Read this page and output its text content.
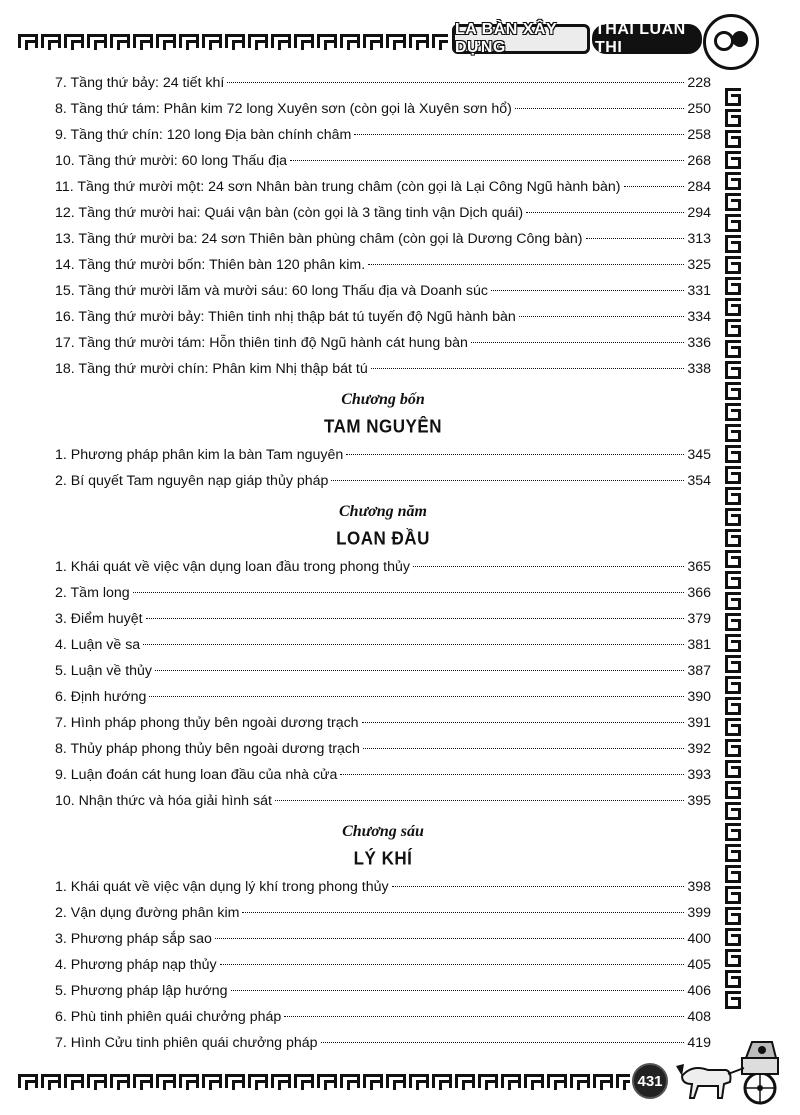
LA BÀN XÂY DỰNG
THÁI LUÂN THI
7. Tầng thứ bảy: 24 tiết khí	228
8. Tầng thứ tám: Phân kim 72 long Xuyên sơn (còn gọi là Xuyên sơn hổ)	250
9. Tầng thứ chín: 120 long Địa bàn chính châm	258
10. Tầng thứ mười: 60 long Thấu địa	268
11. Tầng thứ mười một: 24 sơn Nhân bàn trung châm (còn gọi là Lại Công Ngũ hành bàn)	284
12. Tầng thứ mười hai: Quái vận bàn (còn gọi là 3 tầng tinh vận Dịch quái)	294
13. Tầng thứ mười ba: 24 sơn Thiên bàn phùng châm (còn gọi là Dương Công bàn)	313
14. Tầng thứ mười bốn: Thiên bàn 120 phân kim.	325
15. Tầng thứ mười lăm và mười sáu: 60 long Thấu địa và Doanh súc	331
16. Tầng thứ mười bảy: Thiên tinh nhị thập bát tú tuyến độ Ngũ hành bàn	334
17. Tầng thứ mười tám: Hỗn thiên tinh độ Ngũ hành cát hung bàn	336
18. Tầng thứ mười chín: Phân kim Nhị thập bát tú	338
Chương bốn
TAM NGUYÊN
1. Phương pháp phân kim la bàn Tam nguyên	345
2. Bí quyết Tam nguyên nạp giáp thủy pháp	354
Chương năm
LOAN ĐẦU
1. Khái quát về việc vận dụng loan đầu trong phong thủy	365
2. Tầm long	366
3. Điểm huyệt	379
4. Luận về sa	381
5. Luận về thủy	387
6. Định hướng	390
7. Hình pháp phong thủy bên ngoài dương trạch	391
8. Thủy pháp phong thủy bên ngoài dương trạch	392
9. Luận đoán cát hung loan đầu của nhà cửa	393
10. Nhận thức và hóa giải hình sát	395
Chương sáu
LÝ KHÍ
1. Khái quát về việc vận dụng lý khí trong phong thủy	398
2. Vận dụng đường phân kim	399
3. Phương pháp sắp sao	400
4. Phương pháp nạp thủy	405
5. Phương pháp lập hướng	406
6. Phù tinh phiên quái chưởng pháp	408
7. Hình Cửu tinh phiên quái chưởng pháp	419
431
